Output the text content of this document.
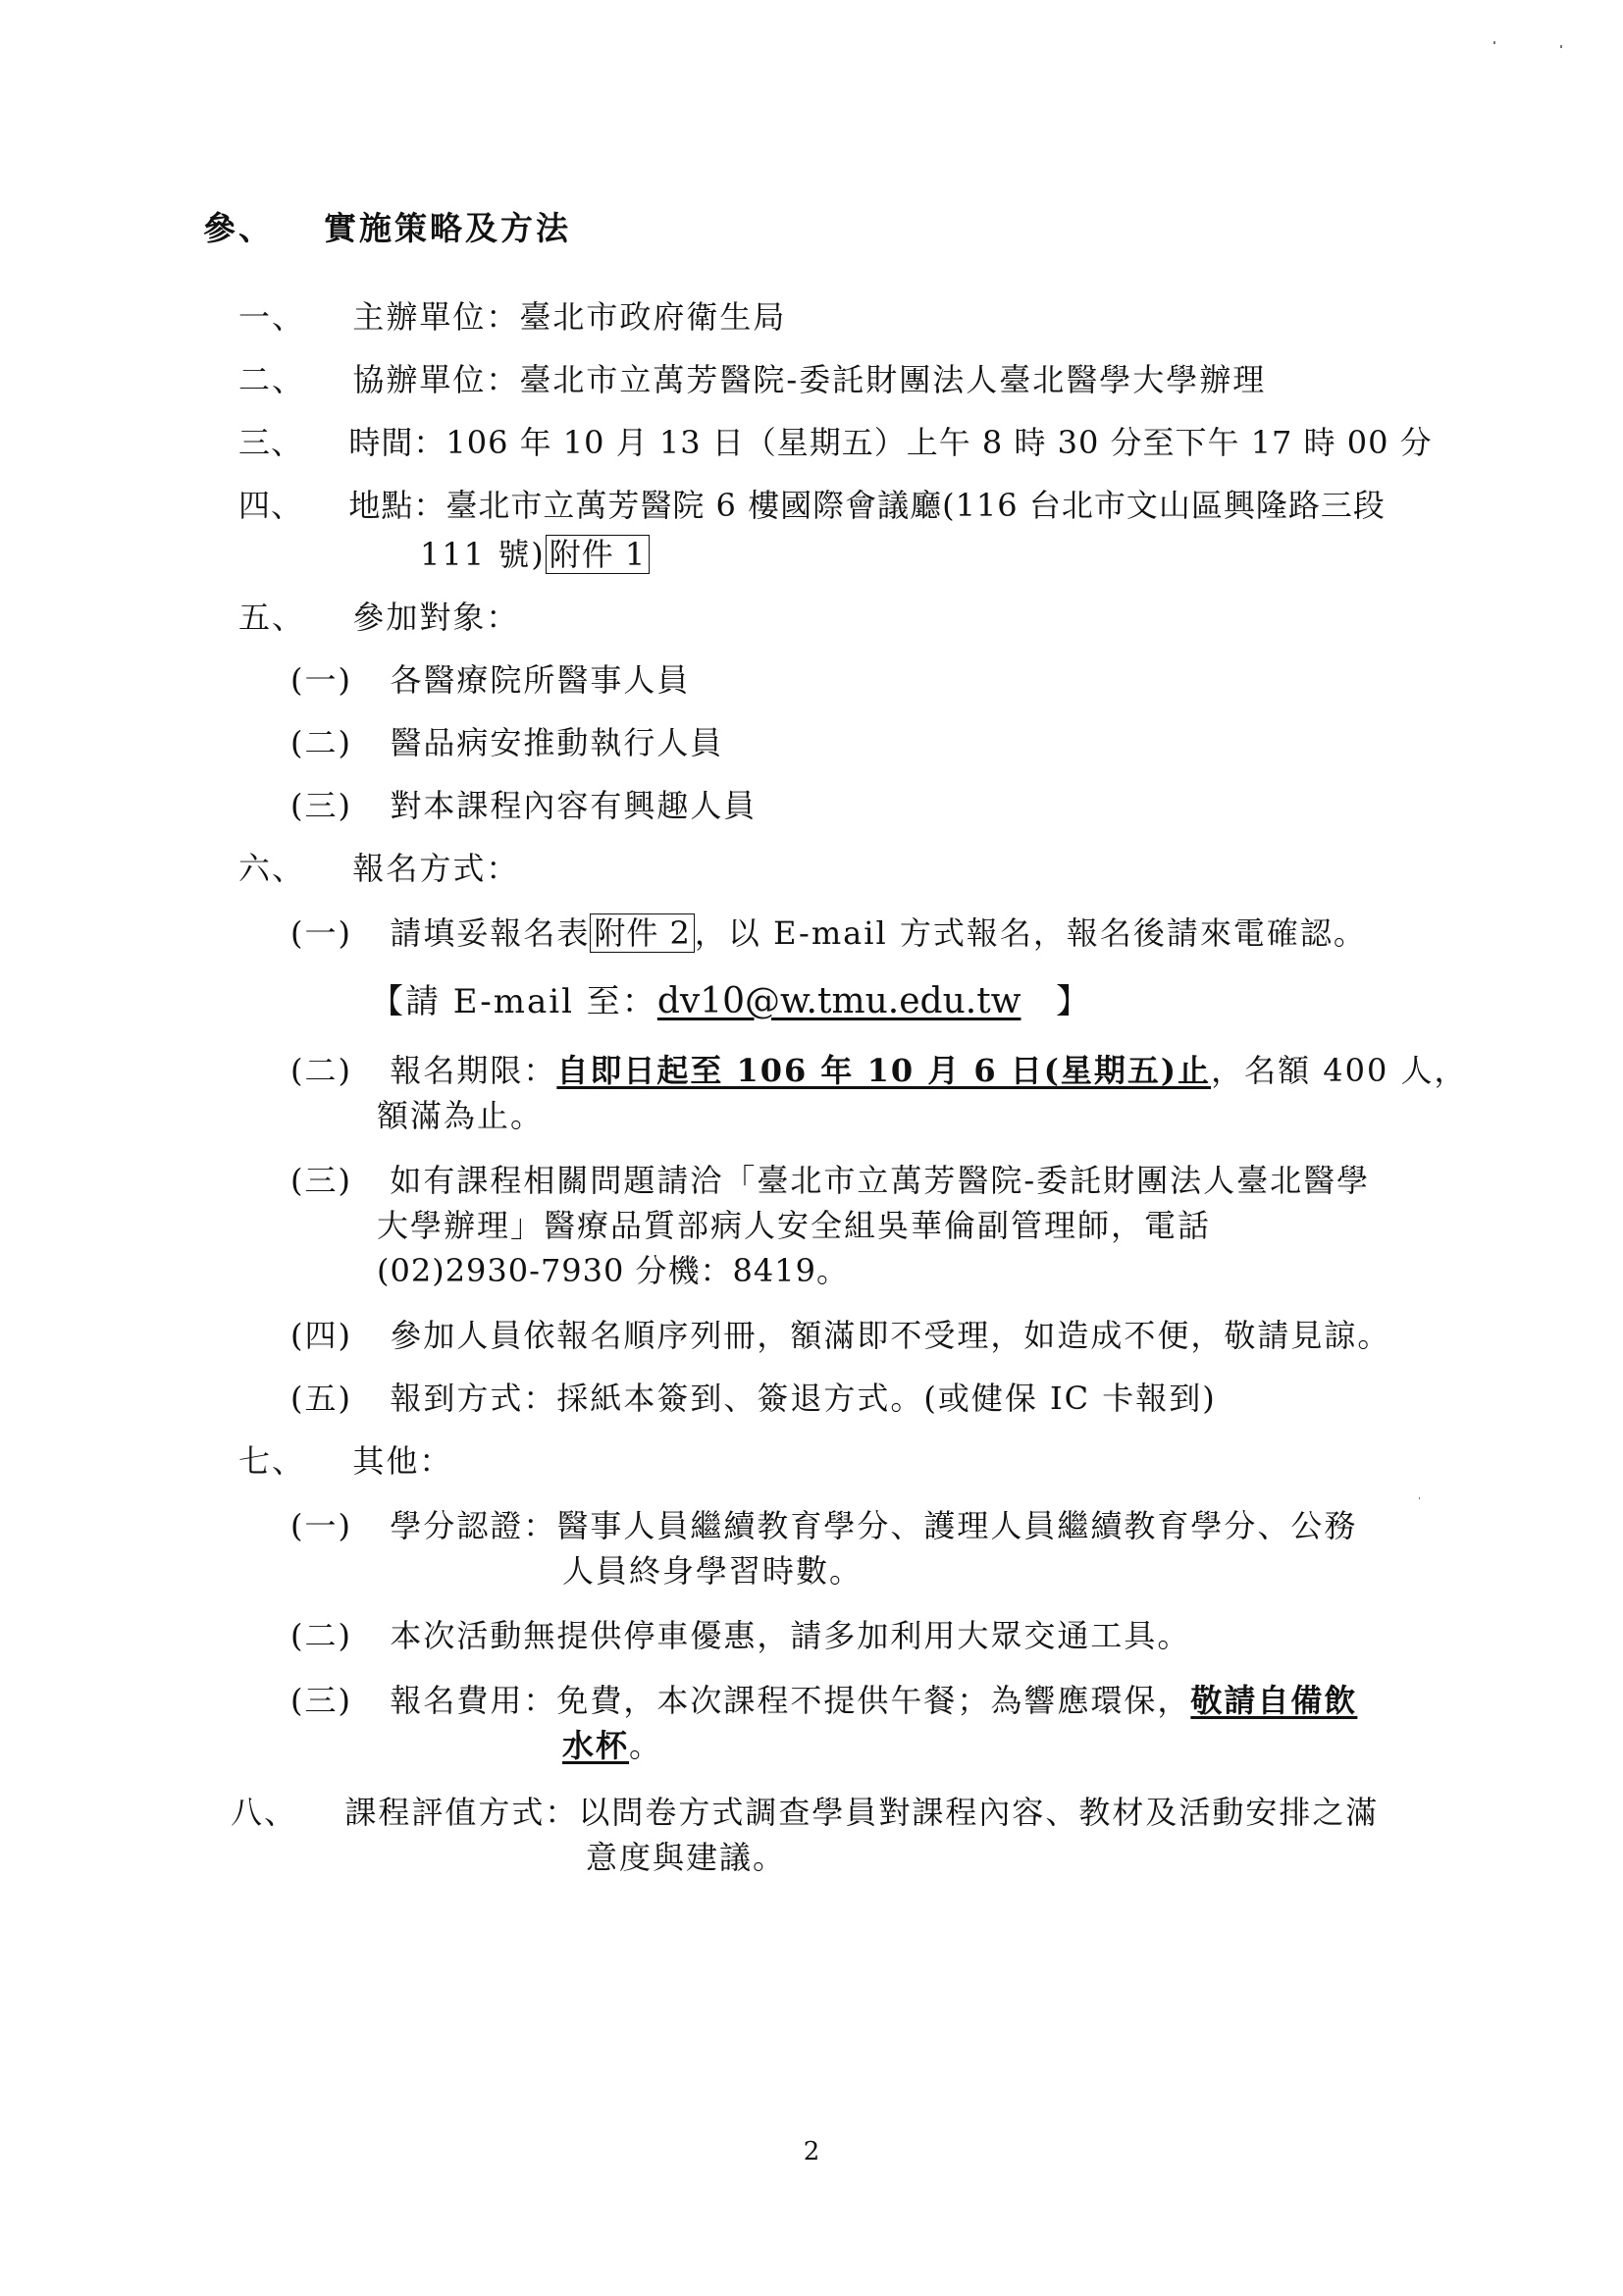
參、 實施策略及方法
一、 主辦單位：臺北市政府衛生局
二、 協辦單位：臺北市立萬芳醫院-委託財團法人臺北醫學大學辦理
三、 時間：106 年 10 月 13 日（星期五）上午 8 時 30 分至下午 17 時 00 分
四、 地點：臺北市立萬芳醫院 6 樓國際會議廳(116 台北市文山區興隆路三段
111 號) 附件 1
五、 參加對象：
(一) 各醫療院所醫事人員
(二) 醫品病安推動執行人員
(三) 對本課程內容有興趣人員
六、 報名方式：
(一) 請填妥報名表 附件 2 ，以 E-mail 方式報名，報名後請來電確認。
【請 E-mail 至：dv10@w.tmu.edu.tw 】
(二) 報名期限：自即日起至 106 年 10 月 6 日(星期五)止，名額 400 人，
額滿為止。
(三) 如有課程相關問題請洽「臺北市立萬芳醫院-委託財團法人臺北醫學
大學辦理」醫療品質部病人安全組吳華倫副管理師，電話
(02)2930-7930 分機：8419。
(四) 參加人員依報名順序列冊，額滿即不受理，如造成不便，敬請見諒。
(五) 報到方式：採紙本簽到、簽退方式。(或健保 IC 卡報到)
七、 其他：
(一) 學分認證：醫事人員繼續教育學分、護理人員繼續教育學分、公務
人員終身學習時數。
(二) 本次活動無提供停車優惠，請多加利用大眾交通工具。
(三) 報名費用：免費，本次課程不提供午餐；為響應環保，敬請自備飲
水杯。
八、 課程評值方式：以問卷方式調查學員對課程內容、教材及活動安排之滿
意度與建議。
2
